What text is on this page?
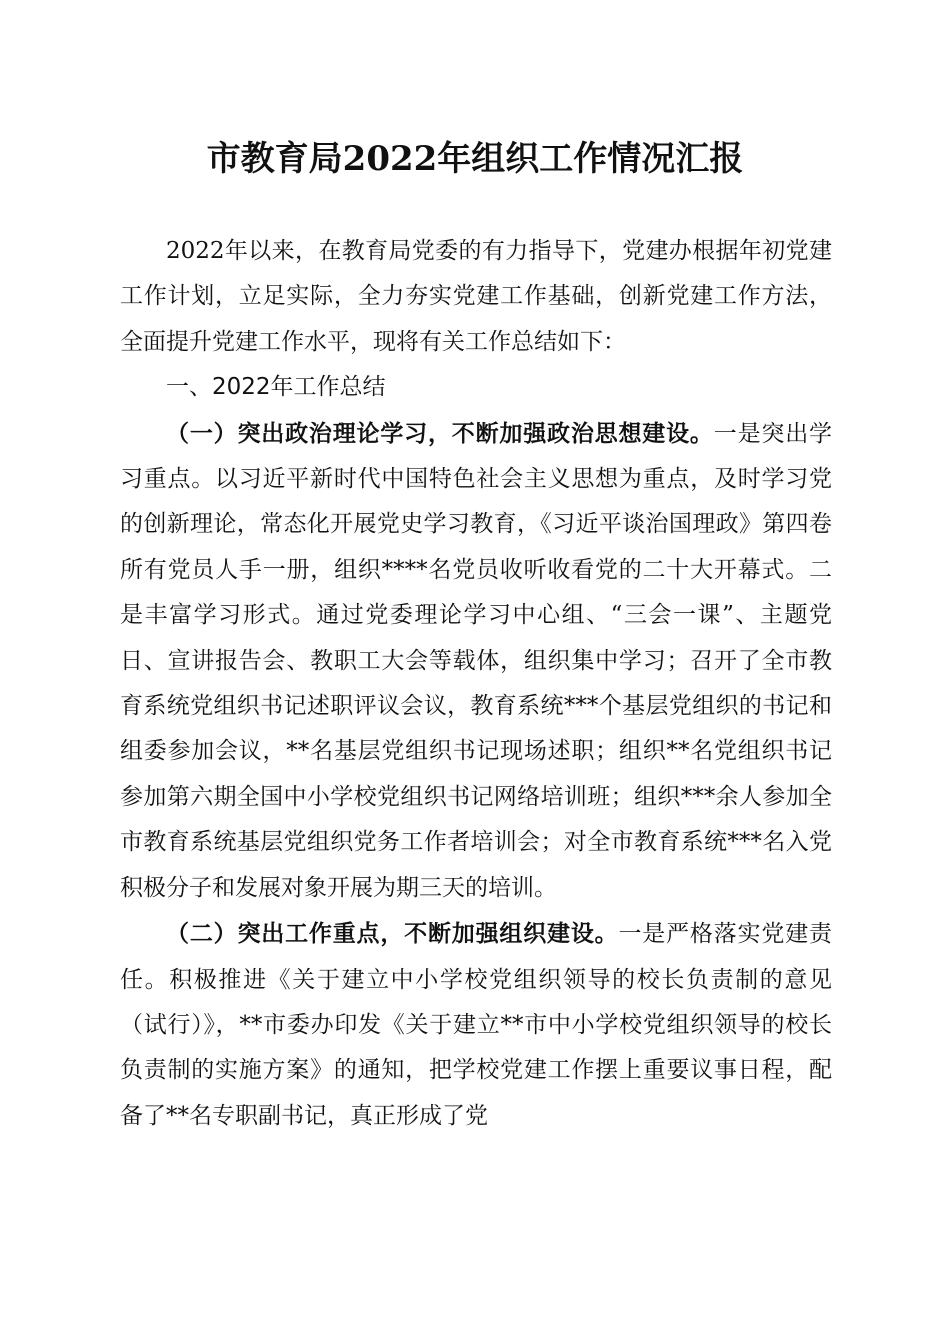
市教育局2022年组织工作情况汇报

2022年以来，在教育局党委的有力指导下，党建办根据年初党建工作计划，立足实际，全力夯实党建工作基础，创新党建工作方法，全面提升党建工作水平，现将有关工作总结如下：

一、2022年工作总结

（一）突出政治理论学习，不断加强政治思想建设。一是突出学习重点。以习近平新时代中国特色社会主义思想为重点，及时学习党的创新理论，常态化开展党史学习教育，《习近平谈治国理政》第四卷所有党员人手一册，组织****名党员收听收看党的二十大开幕式。二是丰富学习形式。通过党委理论学习中心组、“三会一课”、主题党日、宣讲报告会、教职工大会等载体，组织集中学习；召开了全市教育系统党组织书记述职评议会议，教育系统***个基层党组织的书记和组委参加会议，**名基层党组织书记现场述职；组织**名党组织书记参加第六期全国中小学校党组织书记网络培训班；组织***余人参加全市教育系统基层党组织党务工作者培训会；对全市教育系统***名入党积极分子和发展对象开展为期三天的培训。

（二）突出工作重点，不断加强组织建设。一是严格落实党建责任。积极推进《关于建立中小学校党组织领导的校长负责制的意见（试行）》，**市委办印发《关于建立**市中小学校党组织领导的校长负责制的实施方案》的通知，把学校党建工作摆上重要议事日程，配备了**名专职副书记，真正形成了党
